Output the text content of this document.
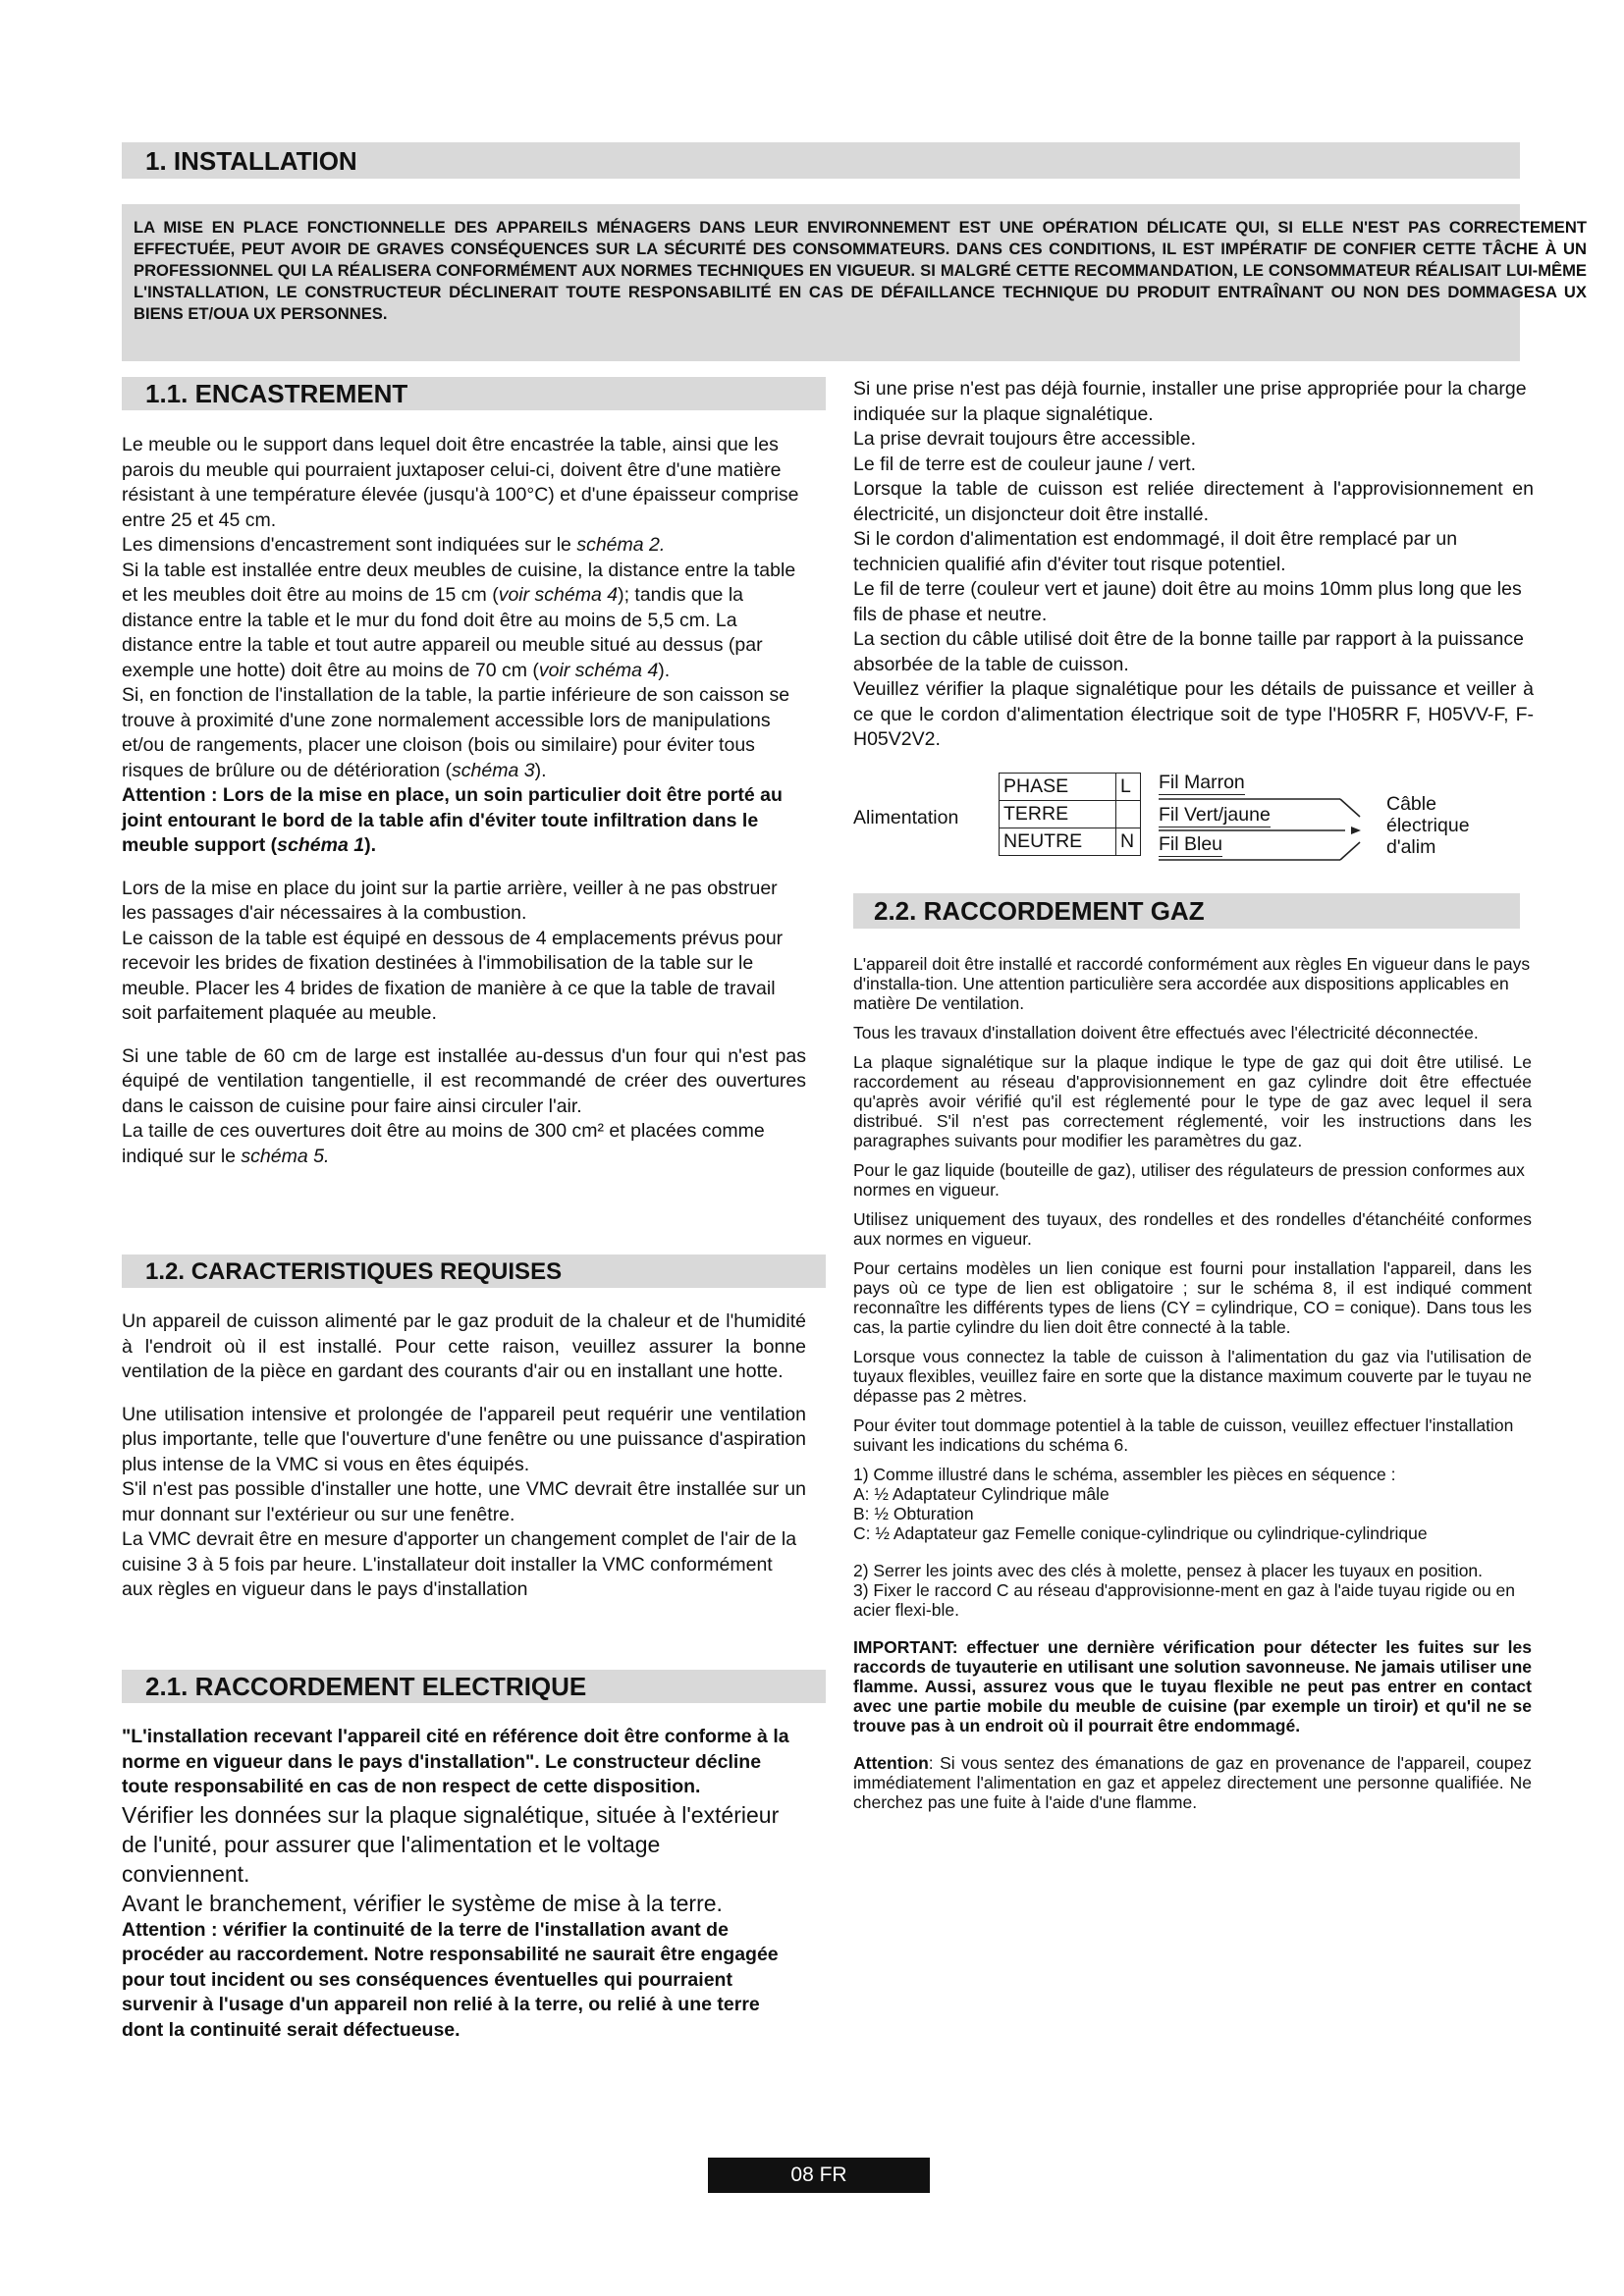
1. INSTALLATION

LA MISE EN PLACE FONCTIONNELLE DES APPAREILS MÉNAGERS DANS LEUR ENVIRONNEMENT EST UNE OPÉRATION DÉLICATE QUI, SI ELLE N'EST PAS CORRECTEMENT EFFECTUÉE, PEUT AVOIR DE GRAVES CONSÉQUENCES SUR LA SÉCURITÉ DES CONSOMMATEURS. DANS CES CONDITIONS, IL EST IMPÉRATIF DE CONFIER CETTE TÂCHE À UN PROFESSIONNEL QUI LA RÉALISERA CONFORMÉMENT AUX NORMES TECHNIQUES EN VIGUEUR. SI MALGRÉ CETTE RECOMMANDATION, LE CONSOMMATEUR RÉALISAIT LUI-MÊME L'INSTALLATION, LE CONSTRUCTEUR DÉCLINERAIT TOUTE RESPONSABILITÉ EN CAS DE DÉFAILLANCE TECHNIQUE DU PRODUIT ENTRAÎNANT OU NON DES DOMMAGESA UX BIENS ET/OUA UX PERSONNES.

1.1. ENCASTREMENT

Le meuble ou le support dans lequel doit être encastrée la table, ainsi que les parois du meuble qui pourraient juxtaposer celui-ci, doivent être d'une matière résistant à une température élevée (jusqu'à 100°C) et d'une épaisseur comprise entre 25 et 45 cm.

Les dimensions d'encastrement sont indiquées sur le schéma 2.

Si la table est installée entre deux meubles de cuisine, la distance entre la table et les meubles doit être au moins de 15 cm (voir schéma 4); tandis que la distance entre la table et le mur du fond doit être au moins de 5,5 cm. La distance entre la table et tout autre appareil ou meuble situé au dessus (par exemple une hotte) doit être au moins de 70 cm (voir schéma 4).

Si, en fonction de l'installation de la table, la partie inférieure de son caisson se trouve à proximité d'une zone normalement accessible lors de manipulations et/ou de rangements, placer une cloison (bois ou similaire) pour éviter tous risques de brûlure ou de détérioration (schéma 3).

Attention : Lors de la mise en place, un soin particulier doit être porté au joint entourant le bord de la table afin d'éviter toute infiltration dans le meuble support (schéma 1).

Lors de la mise en place du joint sur la partie arrière, veiller à ne pas obstruer les passages d'air nécessaires à la combustion.

Le caisson de la table est équipé en dessous de 4 emplacements prévus pour recevoir les brides de fixation destinées à l'immobilisation de la table sur le meuble. Placer les 4 brides de fixation de manière à ce que la table de travail soit parfaitement plaquée au meuble.

Si une table de 60 cm de large est installée au-dessus d'un four qui n'est pas équipé de ventilation tangentielle, il est recommandé de créer des ouvertures dans le caisson de cuisine pour faire ainsi circuler l'air.

La taille de ces ouvertures doit être au moins de 300 cm² et placées comme indiqué sur le schéma 5.

1.2. CARACTERISTIQUES REQUISES

Un appareil de cuisson alimenté par le gaz produit de la chaleur et de l'humidité à l'endroit où il est installé. Pour cette raison, veuillez assurer la bonne ventilation de la pièce en gardant des courants d'air ou en installant une hotte.

Une utilisation intensive et prolongée de l'appareil peut requérir une ventilation plus importante, telle que l'ouverture d'une fenêtre ou une puissance d'aspiration plus intense de la VMC si vous en êtes équipés.

S'il n'est pas possible d'installer une hotte, une VMC devrait être installée sur un mur donnant sur l'extérieur ou sur une fenêtre.

La VMC devrait être en mesure d'apporter un changement complet de l'air de la cuisine 3 à 5 fois par heure. L'installateur doit installer la VMC conformément aux règles en vigueur dans le pays d'installation

2.1. RACCORDEMENT ELECTRIQUE

"L'installation recevant l'appareil cité en référence doit être conforme à la norme en vigueur dans le pays d'installation". Le constructeur décline toute responsabilité en cas de non respect de cette disposition.

Vérifier les données sur la plaque signalétique, située à l'extérieur de l'unité, pour assurer que l'alimentation et le voltage conviennent.

Avant le branchement, vérifier le système de mise à la terre.

Attention : vérifier la continuité de la terre de l'installation avant de procéder au raccordement. Notre responsabilité ne saurait être engagée pour tout incident ou ses conséquences éventuelles qui pourraient survenir à l'usage d'un appareil non relié à la terre, ou relié à une terre dont la continuité serait défectueuse.

Si une prise n'est pas déjà fournie, installer une prise appropriée pour la charge indiquée sur la plaque signalétique.

La prise devrait toujours être accessible.

Le fil de terre est de couleur jaune / vert.

Lorsque la table de cuisson est reliée directement à l'approvisionnement en électricité, un disjoncteur doit être installé.

Si le cordon d'alimentation est endommagé, il doit être remplacé par un technicien qualifié afin d'éviter tout risque potentiel.

Le fil de terre (couleur vert et jaune) doit être au moins 10mm plus long que les fils de phase et neutre.

La section du câble utilisé doit être de la bonne taille par rapport à la puissance absorbée de la table de cuisson.

Veuillez vérifier la plaque signalétique pour les détails de puissance et veiller à ce que le cordon d'alimentation électrique soit de type l'H05RR F, H05VV-F, F-H05V2V2.

Alimentation
PHASE	L
TERRE	
NEUTRE	N
Fil Marron
Fil Vert/jaune
Fil Bleu
Câble électrique d'alim
2.2. RACCORDEMENT GAZ

L'appareil doit être installé et raccordé conformément aux règles En vigueur dans le pays d'installa-tion. Une attention particulière sera accordée aux dispositions applicables en matière De ventilation.

Tous les travaux d'installation doivent être effectués avec l'électricité déconnectée.

La plaque signalétique sur la plaque indique le type de gaz qui doit être utilisé. Le raccordement au réseau d'approvisionnement en gaz cylindre doit être effectuée qu'après avoir vérifié qu'il est réglementé pour le type de gaz avec lequel il sera distribué. S'il n'est pas correctement réglementé, voir les instructions dans les paragraphes suivants pour modifier les paramètres du gaz.

Pour le gaz liquide (bouteille de gaz), utiliser des régulateurs de pression conformes aux normes en vigueur.

Utilisez uniquement des tuyaux, des rondelles et des rondelles d'étanchéité conformes aux normes en vigueur.

Pour certains modèles un lien conique est fourni pour installation l'appareil, dans les pays où ce type de lien est obligatoire ; sur le schéma 8, il est indiqué comment reconnaître les différents types de liens (CY = cylindrique, CO = conique). Dans tous les cas, la partie cylindre du lien doit être connecté à la table.

Lorsque vous connectez la table de cuisson à l'alimentation du gaz via l'utilisation de tuyaux flexibles, veuillez faire en sorte que la distance maximum couverte par le tuyau ne dépasse pas 2 mètres.

Pour éviter tout dommage potentiel à la table de cuisson, veuillez effectuer l'installation suivant les indications du schéma 6.

1) Comme illustré dans le schéma, assembler les pièces en séquence :

A: ½ Adaptateur Cylindrique mâle

B: ½ Obturation

C: ½ Adaptateur gaz Femelle conique-cylindrique ou cylindrique-cylindrique

2) Serrer les joints avec des clés à molette, pensez à placer les tuyaux en position.

3) Fixer le raccord C au réseau d'approvisionne-ment en gaz à l'aide tuyau rigide ou en acier flexi-ble.

IMPORTANT: effectuer une dernière vérification pour détecter les fuites sur les raccords de tuyauterie en utilisant une solution savonneuse. Ne jamais utiliser une flamme. Aussi, assurez vous que le tuyau flexible ne peut pas entrer en contact avec une partie mobile du meuble de cuisine (par exemple un tiroir) et qu'il ne se trouve pas à un endroit où il pourrait être endommagé.

Attention: Si vous sentez des émanations de gaz en provenance de l'appareil, coupez immédiatement l'alimentation en gaz et appelez directement une personne qualifiée. Ne cherchez pas une fuite à l'aide d'une flamme.

08 FR
